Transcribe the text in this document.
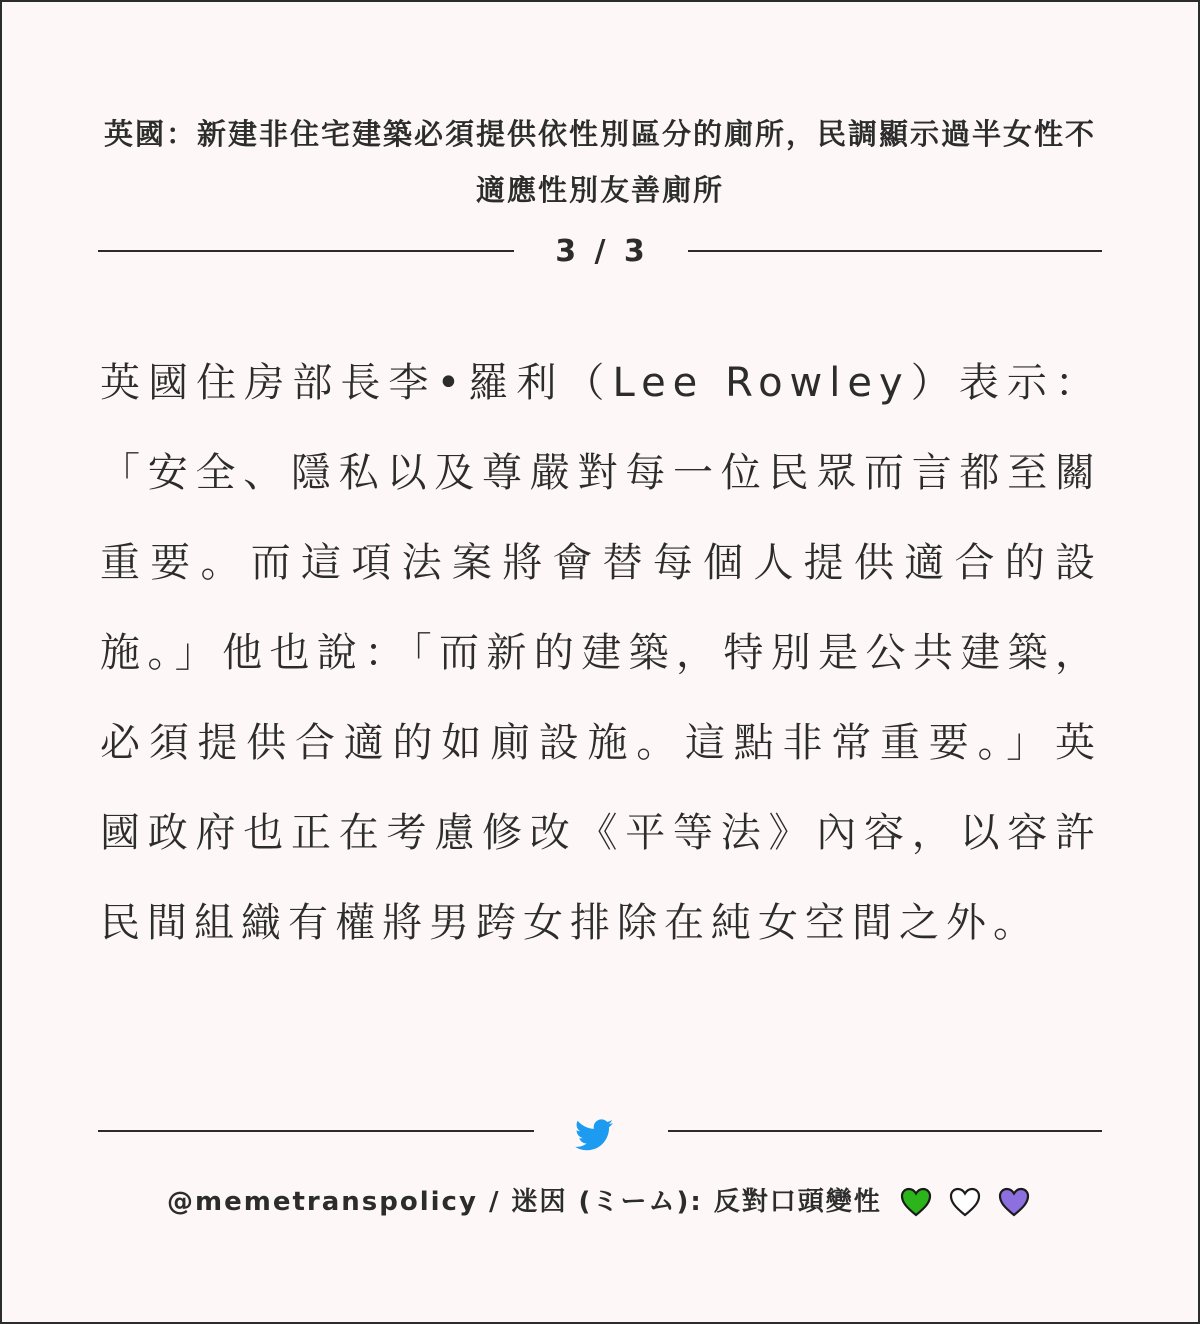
英國：新建非住宅建築必須提供依性別區分的廁所，民調顯示過半女性不適應性別友善廁所
3 / 3

英國住房部長李•羅利（Lee Rowley）表示：「安全、隱私以及尊嚴對每一位民眾而言都至關重要。而這項法案將會替每個人提供適合的設施。」他也說：「而新的建築，特別是公共建築，必須提供合適的如廁設施。這點非常重要。」英國政府也正在考慮修改《平等法》內容，以容許民間組織有權將男跨女排除在純女空間之外。

@memetranspolicy / 迷因 (ミーム): 反對口頭變性
